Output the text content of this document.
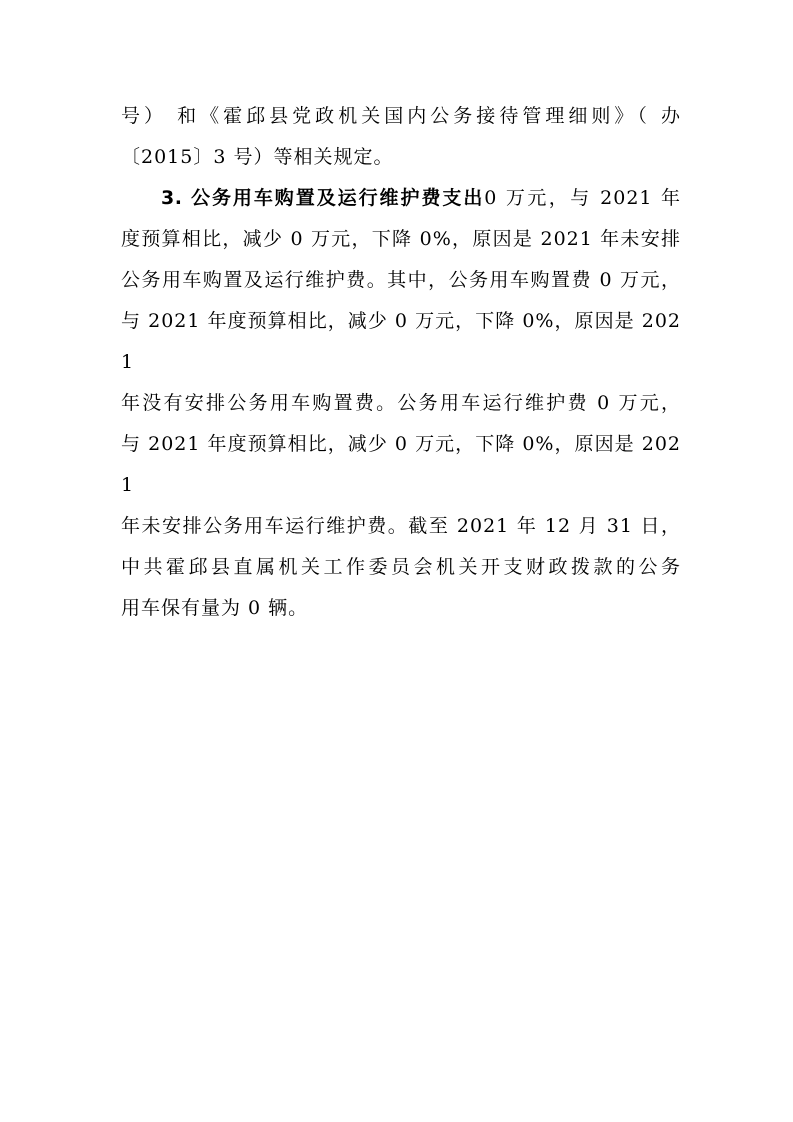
号） 和《霍邱县党政机关国内公务接待管理细则》（ 办
〔2015〕3 号）等相关规定。

3. 公务用车购置及运行维护费支出0 万元，与 2021 年
度预算相比，减少 0 万元，下降 0%，原因是 2021 年未安排
公务用车购置及运行维护费。其中，公务用车购置费 0 万元，
与 2021 年度预算相比，减少 0 万元，下降 0%，原因是 2021
年没有安排公务用车购置费。公务用车运行维护费 0 万元，
与 2021 年度预算相比，减少 0 万元，下降 0%，原因是 2021
年未安排公务用车运行维护费。截至 2021 年 12 月 31 日，
中共霍邱县直属机关工作委员会机关开支财政拨款的公务
用车保有量为 0 辆。
